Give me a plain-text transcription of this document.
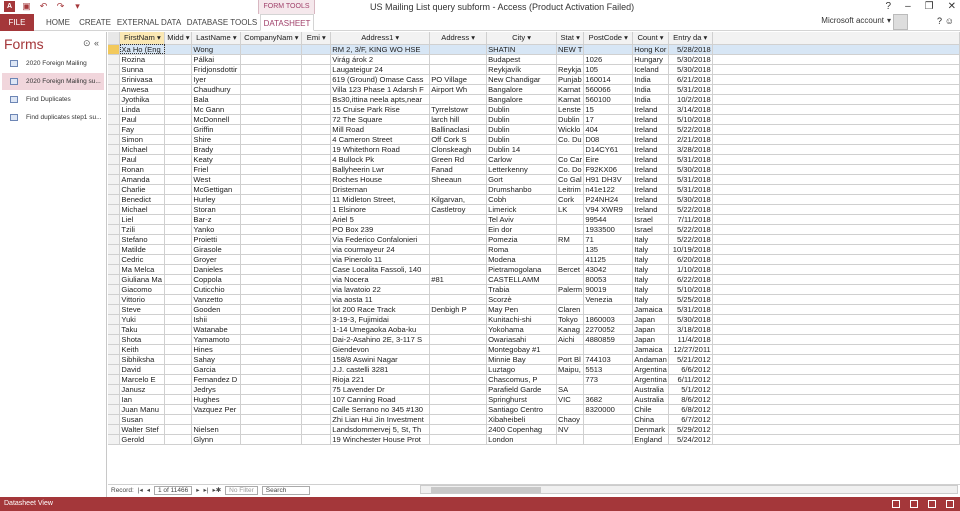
A	▣ ↶ ↷	▾	FORM TOOLS	US Mailing List query subform - Access (Product Activation Failed)	? – ❐ ✕
FILE	HOME	CREATE EXTERNAL DATA DATABASE TOOLS DATASHEET	Microsoft account ▾	? ☺
Forms	⊙ «
2020 Foreign Mailing
2020 Foreign Mailing su...
Find Duplicates
Find duplicates step1 su...
	FirstNam ▾	Midd ▾	LastName ▾	CompanyNam ▾	Emi ▾	Address1 ▾	Address ▾	City ▾	Stat ▾	PostCode ▾	Count ▾	Entry da ▾	
	Xa Ho (Eng		Wong			RM 2, 3/F, KING WO HSE		SHATIN	NEW T		Hong Kor	5/28/2018	
	Rozina		Pálkai			Virág árok 2		Budapest		1026	Hungary	5/30/2018	
	Sunna		Fridjonsdottir			Laugateigur 24		Reykjavík	Reykja	105	Iceland	5/30/2018	
	Srinivasa		Iyer			619 (Ground) Omase Cass	PO Village	New Chandigar	Punjab	160014	India	6/21/2018	
	Anwesa		Chaudhury			Villa 123 Phase 1 Adarsh F	Airport Wh	Bangalore	Karnat	560066	India	5/31/2018	
	Jyothika		Bala			Bs30,ittina neela apts,near		Bangalore	Karnat	560100	India	10/2/2018	
	Linda		Mc Gann			15 Cruise Park Rise	Tyrrelstowr	Dublin	Lenste	15	Ireland	3/14/2018	
	Paul		McDonnell			72 The Square	larch hill	Dublin	Dublin	17	Ireland	5/10/2018	
	Fay		Griffin			Mill Road	Ballinaclasi	Dublin	Wicklo	404	Ireland	5/22/2018	
	Simon		Shire			4 Cameron Street	Off Cork S	Dublin	Co. Du	D08	Ireland	2/21/2018	
	Michael		Brady			19 Whitethorn Road	Clonskeagh	Dublin 14		D14CY61	Ireland	3/28/2018	
	Paul		Keaty			4 Bullock Pk	Green Rd	Carlow	Co Car	Eire	Ireland	5/31/2018	
	Ronan		Friel			Ballyheerin Lwr	Fanad	Letterkenny	Co. Do	F92KX06	Ireland	5/30/2018	
	Amanda		West			Roches House	Sheeaun	Gort	Co Gal	H91 DH3V	Ireland	5/31/2018	
	Charlie		McGettigan			Dristernan		Drumshanbo	Leitrim	n41e122	Ireland	5/31/2018	
	Benedict		Hurley			11 Midleton Street,	Kilgarvan,	Cobh	Cork	P24NH24	Ireland	5/30/2018	
	Michael		Storan			1 Elsinore	Castletroy	Limerick	LK	V94 XWR9	Ireland	5/22/2018	
	Liel		Bar-z			Ariel 5		Tel Aviv		99544	Israel	7/11/2018	
	Tzili		Yanko			PO Box 239		Ein dor		1933500	Israel	5/22/2018	
	Stefano		Proietti			Via Federico Confalonieri		Pomezia	RM	71	Italy	5/22/2018	
	Matilde		Girasole			via courmayeur 24		Roma		135	Italy	10/19/2018	
	Cedric		Groyer			via Pinerolo 11		Modena		41125	Italy	6/20/2018	
	Ma Melca		Danieles			Case Localita Fassoli, 140		Pietramogolana	Bercet	43042	Italy	1/10/2018	
	Giuliana Ma		Coppola			via Nocera	#81	CASTELLAMM		80053	Italy	6/22/2018	
	Giacomo		Cuticchio			via lavatoio 22		Trabia	Palerm	90019	Italy	5/10/2018	
	Vittorio		Vanzetto			via aosta 11		Scorzè		Venezia	Italy	5/25/2018	
	Steve		Gooden			lot 200 Race Track	Denbigh P	May Pen	Claren		Jamaica	5/31/2018	
	Yuki		Ishii			3-19-3, Fujimidai		Kunitachi-shi	Tokyo	1860003	Japan	5/30/2018	
	Taku		Watanabe			1-14 Umegaoka Aoba-ku		Yokohama	Kanag	2270052	Japan	3/18/2018	
	Shota		Yamamoto			Dai-2-Asahino 2E, 3-117 S		Owariasahi	Aichi	4880859	Japan	11/4/2018	
	Keith		Hines			Giendevon		Montegobay #1			Jamaica	12/27/2011	
	Sibhiksha		Sahay			158/8 Aswini Nagar		Minnie Bay	Port Bl	744103	Andaman	5/21/2012	
	David		Garcia			J.J. castelli 3281		Luztago	Maipu,	5513	Argentina	6/6/2012	
	Marcelo E		Fernandez D			Rioja 221		Chascomus, P		773	Argentina	6/11/2012	
	Janusz		Jedrys			75 Lavender Dr		Parafield Garde	SA		Australia	5/1/2012	
	Ian		Hughes			107 Canning Road		Springhurst	VIC	3682	Australia	8/6/2012	
	Juan Manu		Vazquez Per			Calle Serrano no 345 #130		Santiago Centro		8320000	Chile	6/8/2012	
	Susan					Zhi Lian Hui Jin Investment		Xibaheibeli	Chaoy		China	6/7/2012	
	Walter Stef		Nielsen			Landsdommervej 5, St, Th		2400 Copenhag	NV		Denmark	5/29/2012	
	Gerold		Glynn			19 Winchester House Prot		London			England	5/24/2012	
Record: |◂ ◂	1 of 11466	▸ ▸| ▸✱	No Filter	Search
Datasheet View
